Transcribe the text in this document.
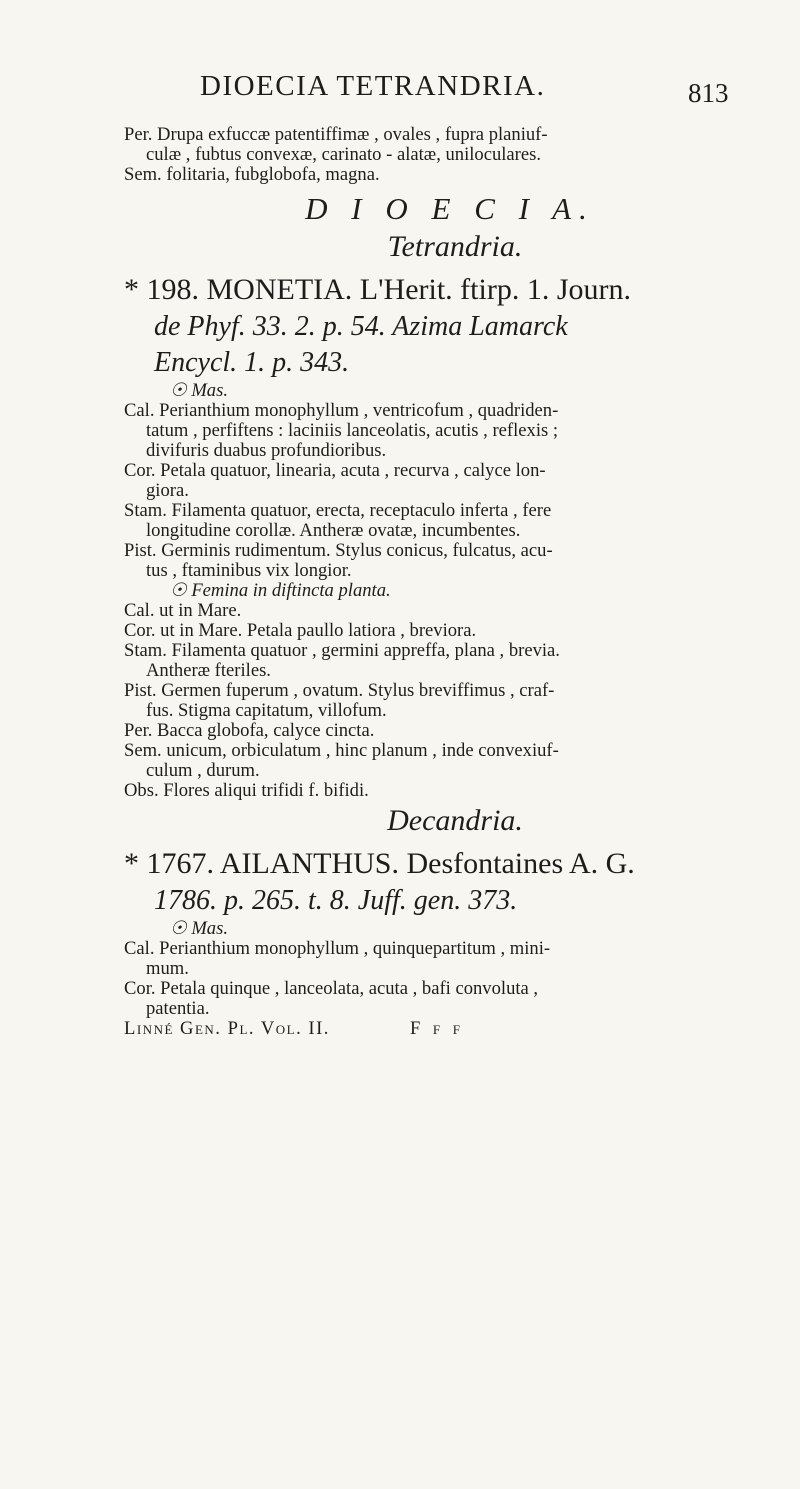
DIOECIA TETRANDRIA.	813
Per. Drupa exfuccæ patentiffimæ , ovales , fupra planiuf-
culæ , fubtus convexæ, carinato - alatæ, uniloculares.
Sem. folitaria, fubglobofa, magna.
D I O E C I A.
Tetrandria.
* 198. MONETIA. L'Herit. ftirp. 1. Journ.
de Phyf. 33. 2. p. 54. Azima Lamarck
Encycl. 1. p. 343.
☉ Mas.
Cal. Perianthium monophyllum , ventricofum , quadriden-
tatum , perfiftens : laciniis lanceolatis, acutis , reflexis ;
divifuris duabus profundioribus.
Cor. Petala quatuor, linearia, acuta , recurva , calyce lon-
giora.
Stam. Filamenta quatuor, erecta, receptaculo inferta , fere
longitudine corollæ. Antheræ ovatæ, incumbentes.
Pist. Germinis rudimentum. Stylus conicus, fulcatus, acu-
tus , ftaminibus vix longior.
☉ Femina in diftincta planta.
Cal. ut in Mare.
Cor. ut in Mare. Petala paullo latiora , breviora.
Stam. Filamenta quatuor , germini appreffa, plana , brevia.
Antheræ fteriles.
Pist. Germen fuperum , ovatum. Stylus breviffimus , craf-
fus. Stigma capitatum, villofum.
Per. Bacca globofa, calyce cincta.
Sem. unicum, orbiculatum , hinc planum , inde convexiuf-
culum , durum.
Obs. Flores aliqui trifidi f. bifidi.
Decandria.
* 1767. AILANTHUS. Desfontaines A. G.
1786. p. 265. t. 8. Juff. gen. 373.
☉ Mas.
Cal. Perianthium monophyllum , quinquepartitum , mini-
mum.
Cor. Petala quinque , lanceolata, acuta , bafi convoluta ,
patentia.
Linné Gen. Pl. Vol. II.	F f f
